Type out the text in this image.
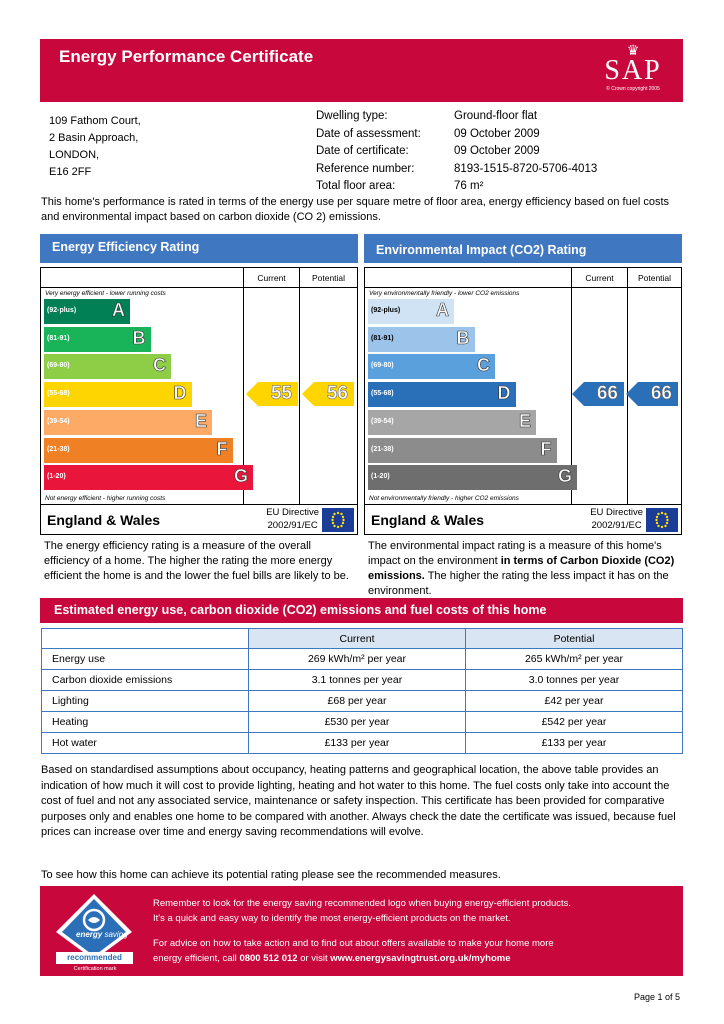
Energy Performance Certificate	♛
SAP
© Crown copyright 2005
109 Fathom Court,
2 Basin Approach,
LONDON,
E16 2FF
Dwelling type:	Ground-floor flat
Date of assessment:	09 October 2009
Date of certificate:	09 October 2009
Reference number:	8193-1515-8720-5706-4013
Total floor area:	76 m²
This home's performance is rated in terms of the energy use per square metre of floor area, energy efficiency based on fuel costs and environmental impact based on carbon dioxide (CO 2) emissions.
Energy Efficiency Rating
Current	Potential
Very energy efficient - lower running costs
Not energy efficient - higher running costs
(92-plus) A
(81-91)	B
(69-80)	C
(55-68)	D
(39-54)	E
(21-38)	F
(1-20)	G
55 56
England & Wales	EU Directive
2002/91/EC
The energy efficiency rating is a measure of the overall efficiency of a home. The higher the rating the more energy efficient the home is and the lower the fuel bills are likely to be.
Environmental Impact (CO2) Rating
Current	Potential
Very environmentally friendly - lower CO2 emissions
Not environmentally friendly - higher CO2 emissions
(92-plus) A
(81-91)	B
(69-80)	C
(55-68)	D
(39-54)	E
(21-38)	F
(1-20)	G
66 66
England & Wales	EU Directive
2002/91/EC
The environmental impact rating is a measure of this home's impact on the environment in terms of Carbon Dioxide (CO2) emissions. The higher the rating the less impact it has on the environment.
Estimated energy use, carbon dioxide (CO2) emissions and fuel costs of this home
	Current	Potential
Energy use	269 kWh/m² per year	265 kWh/m² per year
Carbon dioxide emissions	3.1 tonnes per year	3.0 tonnes per year
Lighting	£68 per year	£42 per year
Heating	£530 per year	£542 per year
Hot water	£133 per year	£133 per year
Based on standardised assumptions about occupancy, heating patterns and geographical location, the above table provides an indication of how much it will cost to provide lighting, heating and hot water to this home. The fuel costs only take into account the cost of fuel and not any associated service, maintenance or safety inspection. This certificate has been provided for comparative purposes only and enables one home to be compared with another. Always check the date the certificate was issued, because fuel prices can increase over time and energy saving recommendations will evolve.
To see how this home can achieve its potential rating please see the recommended measures.
energy saving
recommended
Certification mark
Remember to look for the energy saving recommended logo when buying energy-efficient products.
It's a quick and easy way to identify the most energy-efficient products on the market.
For advice on how to take action and to find out about offers available to make your home more
energy efficient, call 0800 512 012 or visit www.energysavingtrust.org.uk/myhome
Page 1 of 5
